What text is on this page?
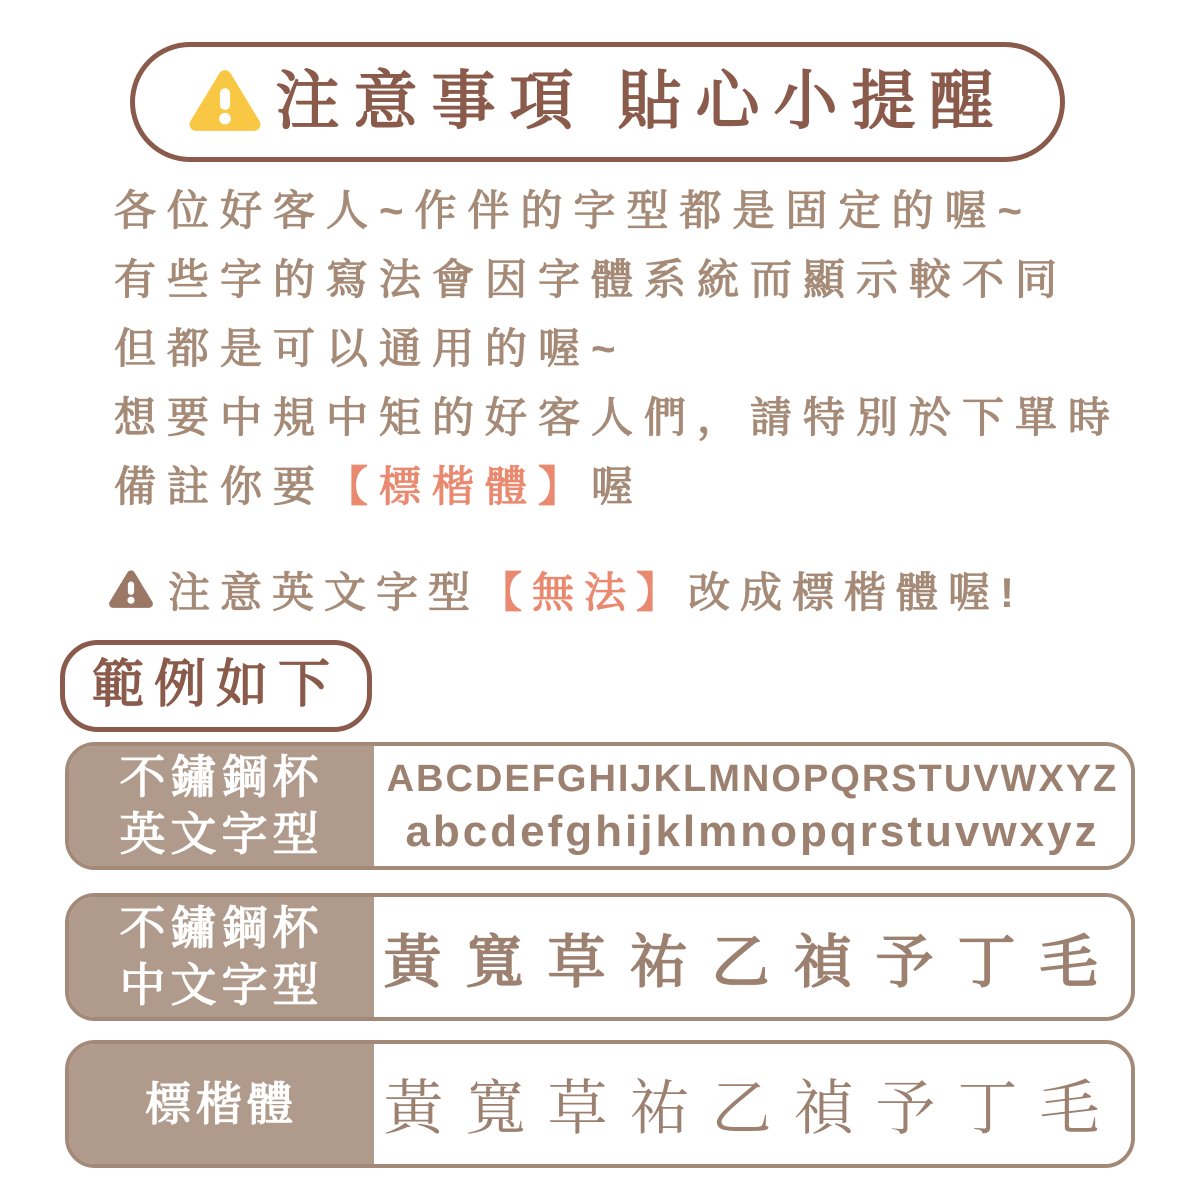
注意事項 貼心小提醒
各位好客人~作伴的字型都是固定的喔~
有些字的寫法會因字體系統而顯示較不同
但都是可以通用的喔~
想要中規中矩的好客人們，請特別於下單時
備註你要【標楷體】喔
注意英文字型【無法】改成標楷體喔!
範例如下
不鏽鋼杯
英文字型
ABCDEFGHIJKLMNOPQRSTUVWXYZ
abcdefghijklmnopqrstuvwxyz
不鏽鋼杯
中文字型 黃寬草祐乙禎予丁毛
標楷體 黃寬草祐乙禎予丁毛
